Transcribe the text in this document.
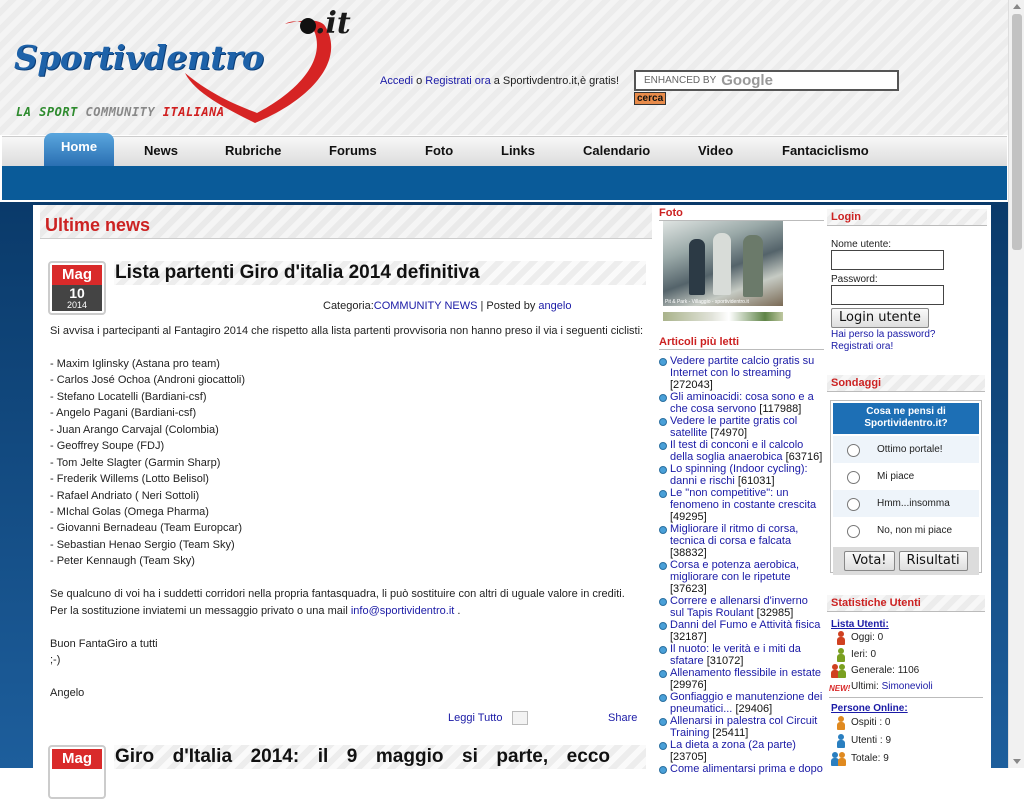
.it
Sportivdentro
LA SPORT COMMUNITY ITALIANA
Accedi o Registrati ora a Sportivdentro.it,è gratis! ENHANCED BY Google
cerca
Home	News	Rubriche	Forums	Foto	Links	Calendario	Video	Fantaciclismo
Ultime news
Mag
10
2014
Lista partenti Giro d'italia 2014 definitiva
Categoria:COMMUNITY NEWS | Posted by angelo

Si avvisa i partecipanti al Fantagiro 2014 che rispetto alla lista partenti provvisoria non hanno preso il via i seguenti ciclisti:

- Maxim Iglinsky (Astana pro team)

- Carlos José Ochoa (Androni giocattoli)

- Stefano Locatelli (Bardiani-csf)

- Angelo Pagani (Bardiani-csf)

- Juan Arango Carvajal (Colombia)

- Geoffrey Soupe (FDJ)

- Tom Jelte Slagter (Garmin Sharp)

- Frederik Willems (Lotto Belisol)

- Rafael Andriato ( Neri Sottoli)

- MIchal Golas (Omega Pharma)

- Giovanni Bernadeau (Team Europcar)

- Sebastian Henao Sergio (Team Sky)

- Peter Kennaugh (Team Sky)

Se qualcuno di voi ha i suddetti corridori nella propria fantasquadra, li può sostituire con altri di uguale valore in crediti.

Per la sostituzione inviatemi un messaggio privato o una mail info@sportividentro.it .

Buon FantaGiro a tutti

;-)

Angelo

Leggi Tutto	Share
Mag	Giro d'Italia 2014: il 9 maggio si parte, ecco
Foto
Pit & Park - Villaggio - sportividentro.it
Articoli più letti
Vedere partite calcio gratis su Internet con lo streaming [272043]
Gli aminoacidi: cosa sono e a che cosa servono [117988]
Vedere le partite gratis col satellite [74970]
Il test di conconi e il calcolo della soglia anaerobica [63716]
Lo spinning (Indoor cycling): danni e rischi [61031]
Le "non competitive": un fenomeno in costante crescita [49295]
Migliorare il ritmo di corsa, tecnica di corsa e falcata [38832]
Corsa e potenza aerobica, migliorare con le ripetute [37623]
Correre e allenarsi d'inverno sul Tapis Roulant [32985]
Danni del Fumo e Attività fisica [32187]
Il nuoto: le verità e i miti da sfatare [31072]
Allenamento flessibile in estate [29976]
Gonfiaggio e manutenzione dei pneumatici... [29406]
Allenarsi in palestra col Circuit Training [25411]
La dieta a zona (2a parte) [23705]
Come alimentarsi prima e dopo
Login
Nome utente:
Password:
Login utente
Hai perso la password?
Registrati ora!
Sondaggi
Cosa ne pensi di Sportividentro.it?
Ottimo portale!
Mi piace
Hmm...insomma
No, non mi piace
Vota!	Risultati
Statistiche Utenti
Lista Utenti:
Oggi: 0
Ieri: 0
Generale: 1106
NEW! Ultimi: Simonevioli
Persone Online:
Ospiti : 0
Utenti : 9
Totale: 9
